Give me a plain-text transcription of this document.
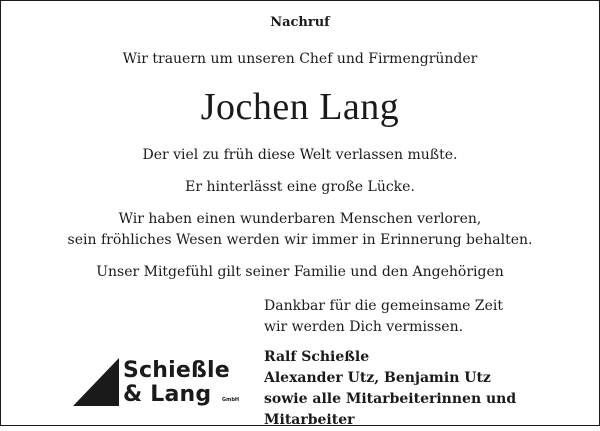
Nachruf
Wir trauern um unseren Chef und Firmengründer
Jochen Lang
Der viel zu früh diese Welt verlassen mußte.
Er hinterlässt eine große Lücke.
Wir haben einen wunderbaren Menschen verloren,
sein fröhliches Wesen werden wir immer in Erinnerung behalten.
Unser Mitgefühl gilt seiner Familie und den Angehörigen
Dankbar für die gemeinsame Zeit
wir werden Dich vermissen.
Ralf Schießle
Alexander Utz, Benjamin Utz
sowie alle Mitarbeiterinnen und Mitarbeiter
Schießle
& Lang GmbH
